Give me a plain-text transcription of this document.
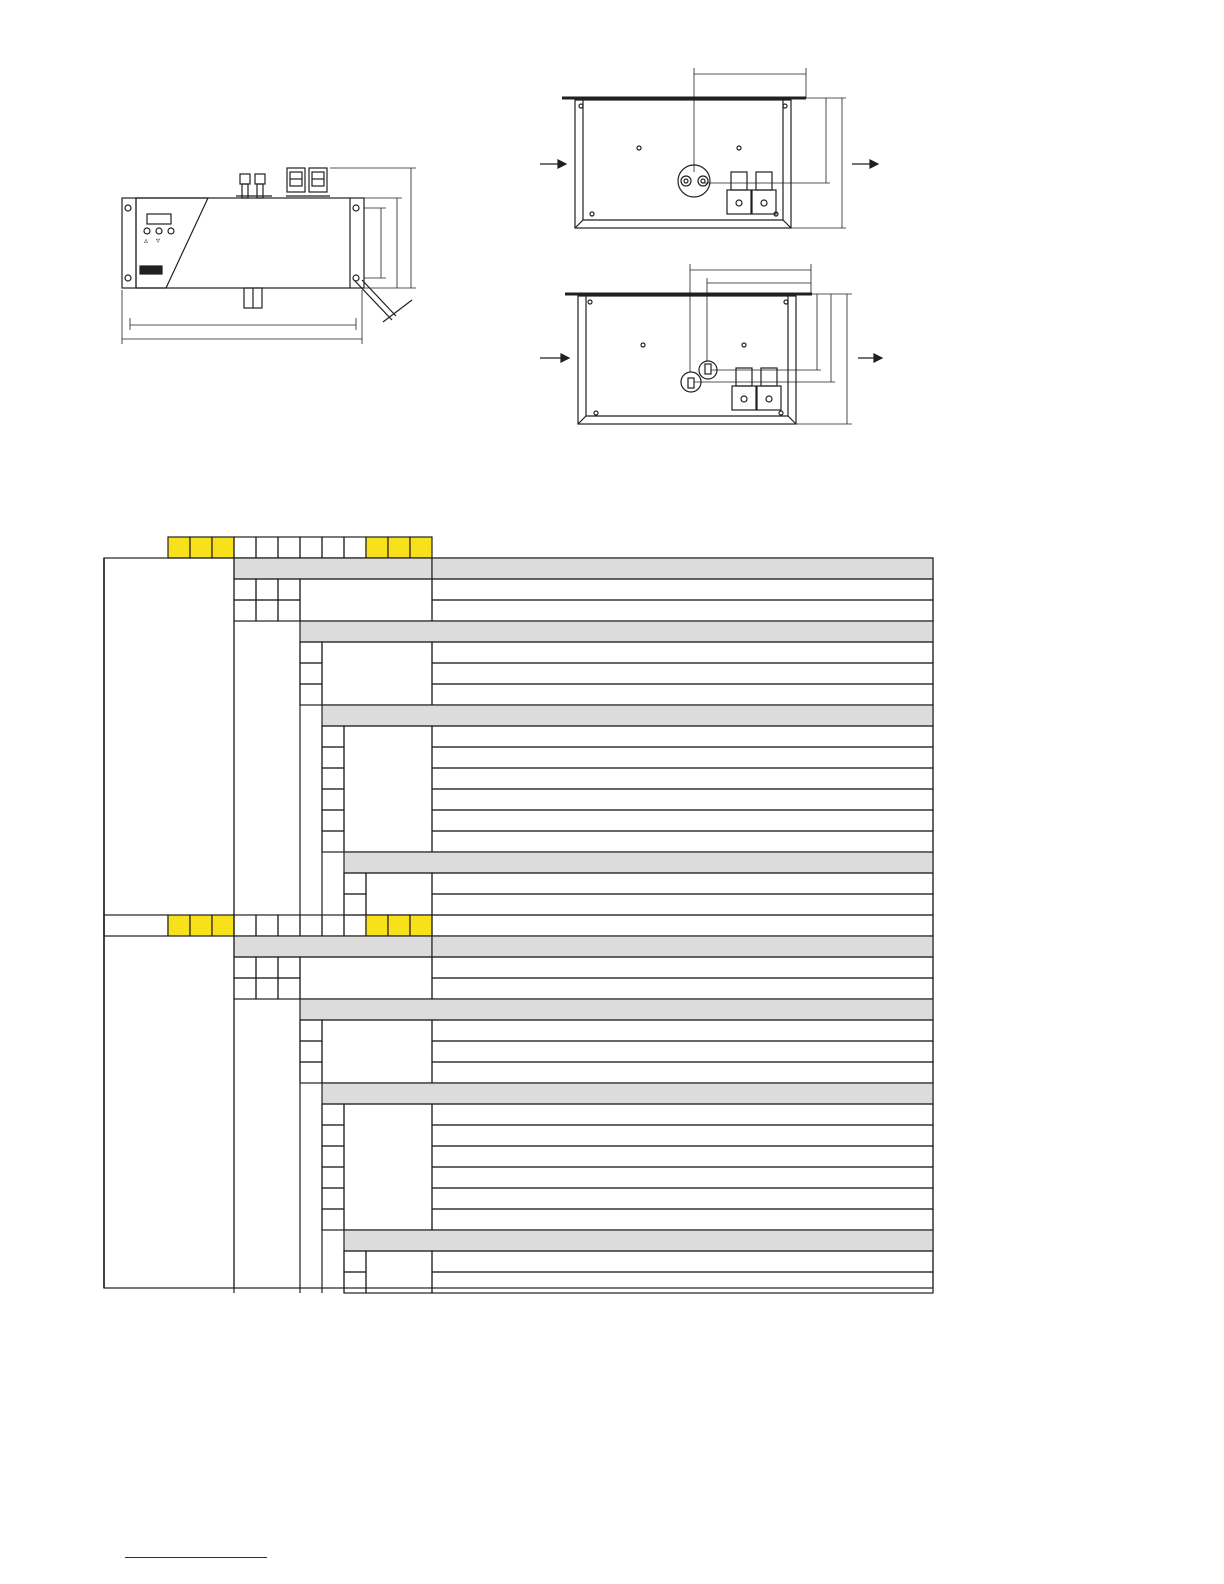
▵ ▿
